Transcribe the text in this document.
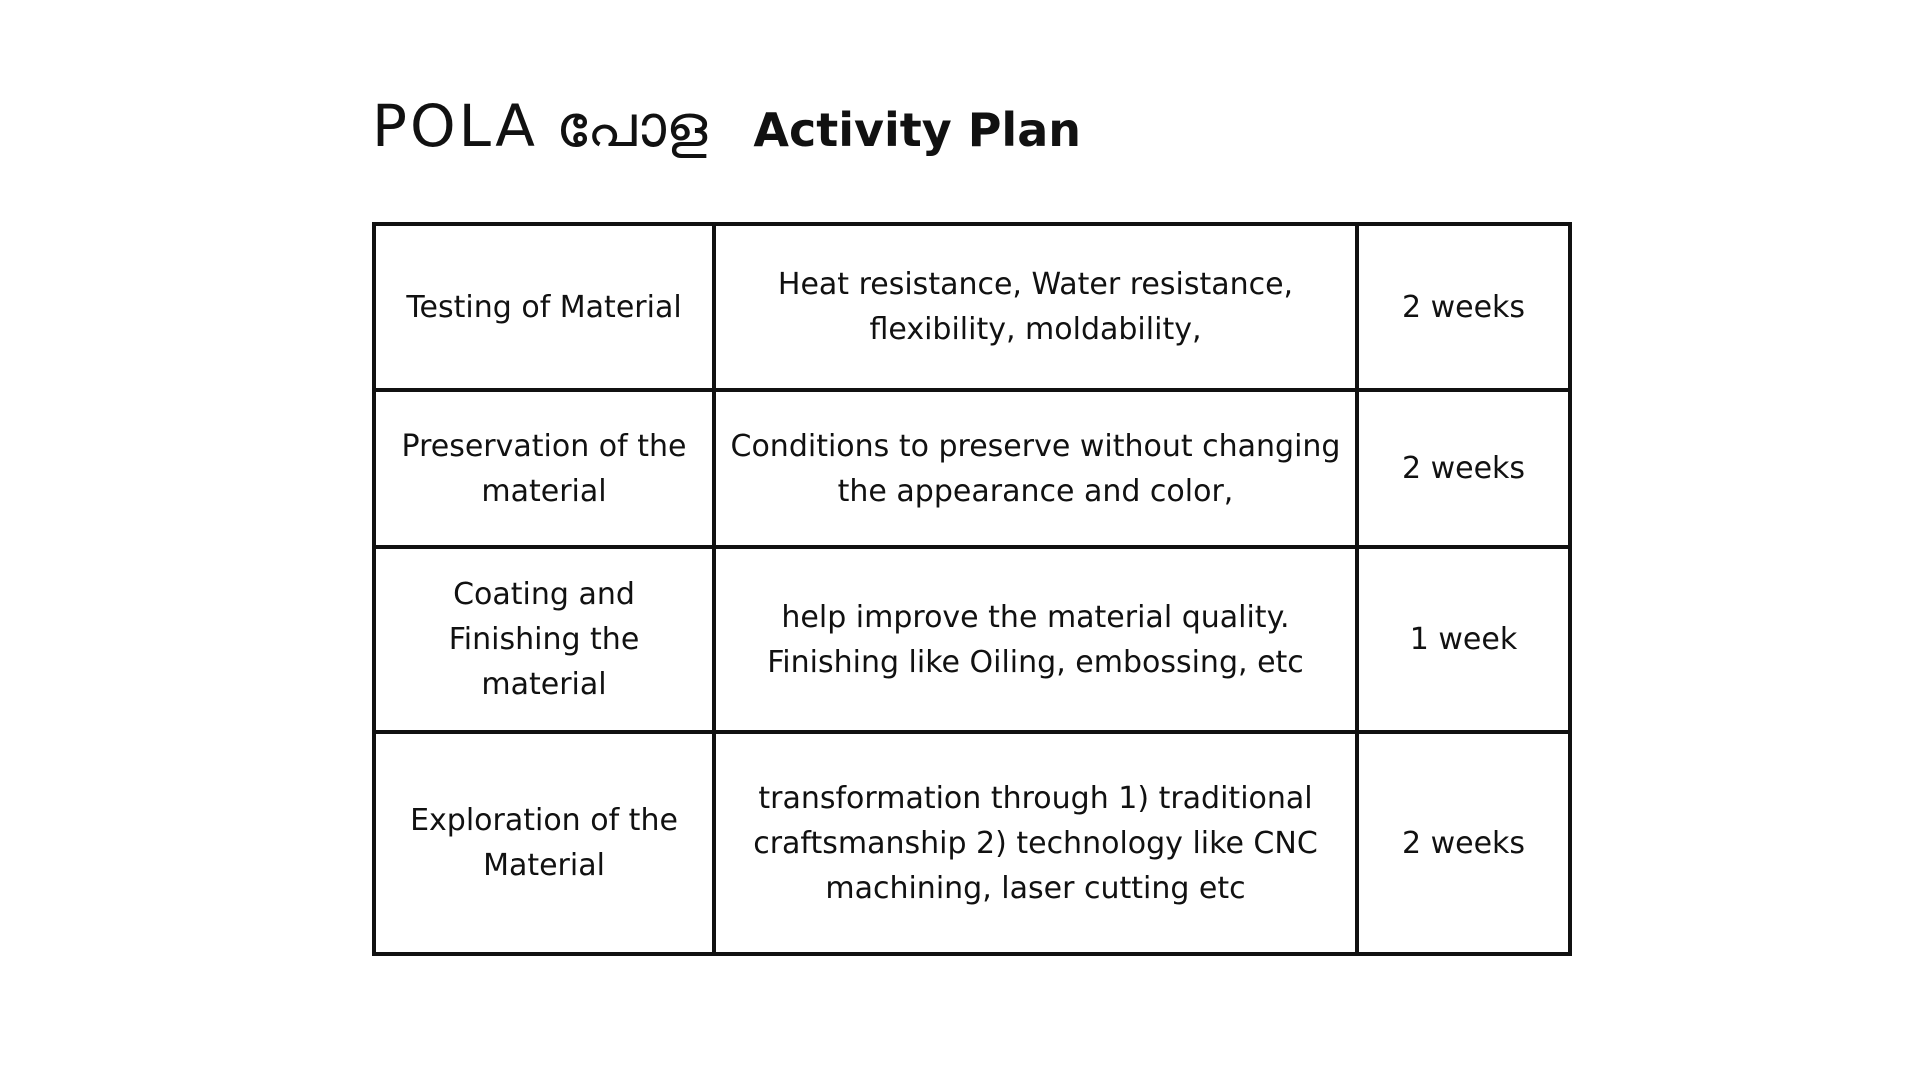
POLA പോള Activity Plan
Testing of Material	Heat resistance, Water resistance, flexibility, moldability,	2 weeks
Preservation of the material	Conditions to preserve without changing the appearance and color,	2 weeks
Coating and Finishing the material	help improve the material quality. Finishing like Oiling, embossing, etc	1 week
Exploration of the Material	transformation through 1) traditional craftsmanship 2) technology like CNC machining, laser cutting etc	2 weeks
